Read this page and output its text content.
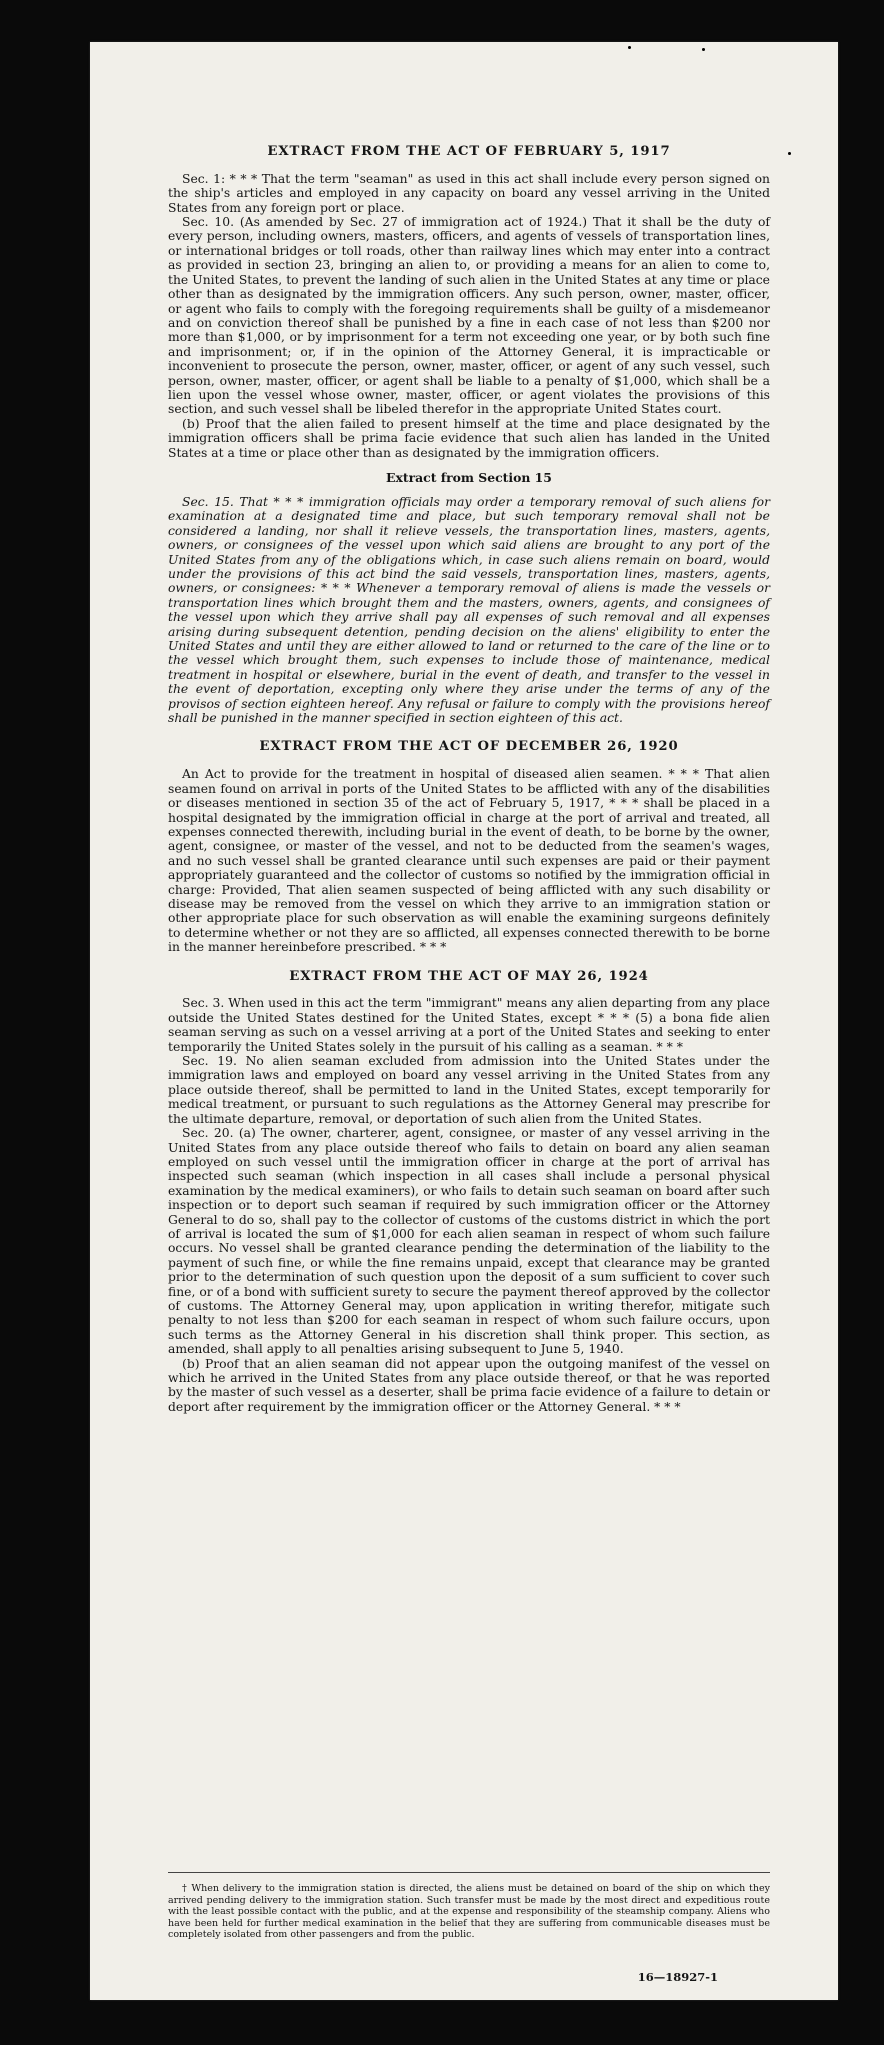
EXTRACT FROM THE ACT OF FEBRUARY 5, 1917

Sec. 1: * * * That the term "seaman" as used in this act shall include every person signed on the ship's articles and employed in any capacity on board any vessel arriving in the United States from any foreign port or place.

Sec. 10. (As amended by Sec. 27 of immigration act of 1924.) That it shall be the duty of every person, including owners, masters, officers, and agents of vessels of transportation lines, or international bridges or toll roads, other than railway lines which may enter into a contract as provided in section 23, bringing an alien to, or providing a means for an alien to come to, the United States, to prevent the landing of such alien in the United States at any time or place other than as designated by the immigration officers. Any such person, owner, master, officer, or agent who fails to comply with the foregoing requirements shall be guilty of a misdemeanor and on conviction thereof shall be punished by a fine in each case of not less than $200 nor more than $1,000, or by imprisonment for a term not exceeding one year, or by both such fine and imprisonment; or, if in the opinion of the Attorney General, it is impracticable or inconvenient to prosecute the person, owner, master, officer, or agent of any such vessel, such person, owner, master, officer, or agent shall be liable to a penalty of $1,000, which shall be a lien upon the vessel whose owner, master, officer, or agent violates the provisions of this section, and such vessel shall be libeled therefor in the appropriate United States court.

(b) Proof that the alien failed to present himself at the time and place designated by the immigration officers shall be prima facie evidence that such alien has landed in the United States at a time or place other than as designated by the immigration officers.

Extract from Section 15

Sec. 15. That * * * immigration officials may order a temporary removal of such aliens for examination at a designated time and place, but such temporary removal shall not be considered a landing, nor shall it relieve vessels, the transportation lines, masters, agents, owners, or consignees of the vessel upon which said aliens are brought to any port of the United States from any of the obligations which, in case such aliens remain on board, would under the provisions of this act bind the said vessels, transportation lines, masters, agents, owners, or consignees: * * * Whenever a temporary removal of aliens is made the vessels or transportation lines which brought them and the masters, owners, agents, and consignees of the vessel upon which they arrive shall pay all expenses of such removal and all expenses arising during subsequent detention, pending decision on the aliens' eligibility to enter the United States and until they are either allowed to land or returned to the care of the line or to the vessel which brought them, such expenses to include those of maintenance, medical treatment in hospital or elsewhere, burial in the event of death, and transfer to the vessel in the event of deportation, excepting only where they arise under the terms of any of the provisos of section eighteen hereof. Any refusal or failure to comply with the provisions hereof shall be punished in the manner specified in section eighteen of this act.

EXTRACT FROM THE ACT OF DECEMBER 26, 1920

An Act to provide for the treatment in hospital of diseased alien seamen. * * * That alien seamen found on arrival in ports of the United States to be afflicted with any of the disabilities or diseases mentioned in section 35 of the act of February 5, 1917, * * * shall be placed in a hospital designated by the immigration official in charge at the port of arrival and treated, all expenses connected therewith, including burial in the event of death, to be borne by the owner, agent, consignee, or master of the vessel, and not to be deducted from the seamen's wages, and no such vessel shall be granted clearance until such expenses are paid or their payment appropriately guaranteed and the collector of customs so notified by the immigration official in charge: Provided, That alien seamen suspected of being afflicted with any such disability or disease may be removed from the vessel on which they arrive to an immigration station or other appropriate place for such observation as will enable the examining surgeons definitely to determine whether or not they are so afflicted, all expenses connected therewith to be borne in the manner hereinbefore prescribed. * * *

EXTRACT FROM THE ACT OF MAY 26, 1924

Sec. 3. When used in this act the term "immigrant" means any alien departing from any place outside the United States destined for the United States, except * * * (5) a bona fide alien seaman serving as such on a vessel arriving at a port of the United States and seeking to enter temporarily the United States solely in the pursuit of his calling as a seaman. * * *

Sec. 19. No alien seaman excluded from admission into the United States under the immigration laws and employed on board any vessel arriving in the United States from any place outside thereof, shall be permitted to land in the United States, except temporarily for medical treatment, or pursuant to such regulations as the Attorney General may prescribe for the ultimate departure, removal, or deportation of such alien from the United States.

Sec. 20. (a) The owner, charterer, agent, consignee, or master of any vessel arriving in the United States from any place outside thereof who fails to detain on board any alien seaman employed on such vessel until the immigration officer in charge at the port of arrival has inspected such seaman (which inspection in all cases shall include a personal physical examination by the medical examiners), or who fails to detain such seaman on board after such inspection or to deport such seaman if required by such immigration officer or the Attorney General to do so, shall pay to the collector of customs of the customs district in which the port of arrival is located the sum of $1,000 for each alien seaman in respect of whom such failure occurs. No vessel shall be granted clearance pending the determination of the liability to the payment of such fine, or while the fine remains unpaid, except that clearance may be granted prior to the determination of such question upon the deposit of a sum sufficient to cover such fine, or of a bond with sufficient surety to secure the payment thereof approved by the collector of customs. The Attorney General may, upon application in writing therefor, mitigate such penalty to not less than $200 for each seaman in respect of whom such failure occurs, upon such terms as the Attorney General in his discretion shall think proper. This section, as amended, shall apply to all penalties arising subsequent to June 5, 1940.

(b) Proof that an alien seaman did not appear upon the outgoing manifest of the vessel on which he arrived in the United States from any place outside thereof, or that he was reported by the master of such vessel as a deserter, shall be prima facie evidence of a failure to detain or deport after requirement by the immigration officer or the Attorney General. * * *

† When delivery to the immigration station is directed, the aliens must be detained on board of the ship on which they arrived pending delivery to the immigration station. Such transfer must be made by the most direct and expeditious route with the least possible contact with the public, and at the expense and responsibility of the steamship company. Aliens who have been held for further medical examination in the belief that they are suffering from communicable diseases must be completely isolated from other passengers and from the public.

16—18927-1
